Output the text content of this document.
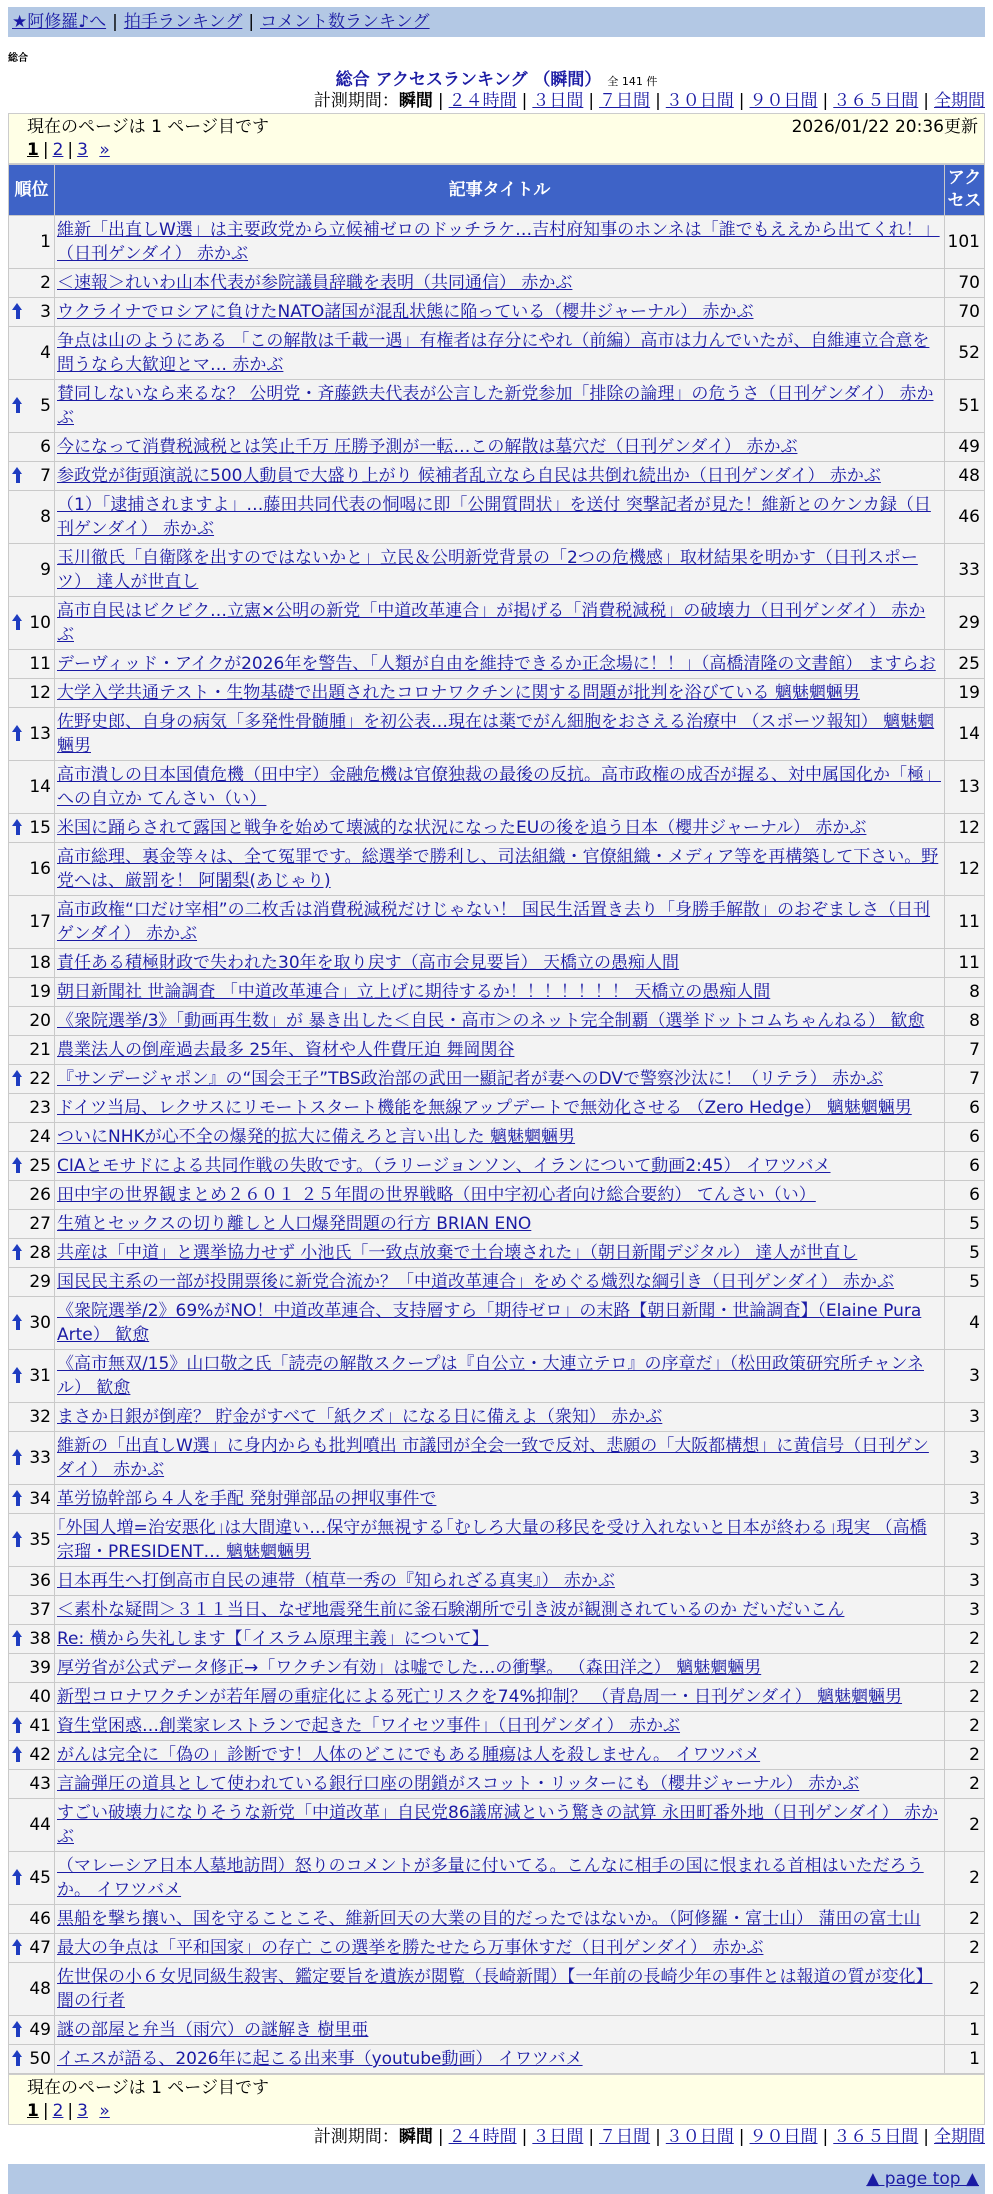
★阿修羅♪へ | 拍手ランキング | コメント数ランキング
総合
総合 アクセスランキング （瞬間） 全 141 件
計測期間：瞬間 | ２４時間 | ３日間 | ７日間 | ３０日間 | ９０日間 | ３６５日間 | 全期間
現在のページは 1 ページ目です	2026/01/22 20:36更新
1 | 2 | 3 »
順位	記事タイトル	アクセス
1	維新「出直しW選」は主要政党から立候補ゼロのドッチラケ…吉村府知事のホンネは「誰でもええから出てくれ！」（日刊ゲンダイ） 赤かぶ	101
2	＜速報＞れいわ山本代表が参院議員辞職を表明（共同通信） 赤かぶ	70

3	ウクライナでロシアに負けたNATO諸国が混乱状態に陥っている（櫻井ジャーナル） 赤かぶ	70
4	争点は山のようにある 「この解散は千載一遇」有権者は存分にやれ（前編）高市は力んでいたが、自維連立合意を問うなら大歓迎とマ… 赤かぶ	52

5	賛同しないなら来るな？ 公明党・斉藤鉄夫代表が公言した新党参加「排除の論理」の危うさ（日刊ゲンダイ） 赤かぶ	51
6	今になって消費税減税とは笑止千万 圧勝予測が一転…この解散は墓穴だ（日刊ゲンダイ） 赤かぶ	49

7	参政党が街頭演説に500人動員で大盛り上がり 候補者乱立なら自民は共倒れ続出か（日刊ゲンダイ） 赤かぶ	48
8	（1）「逮捕されますよ」…藤田共同代表の恫喝に即「公開質問状」を送付 突撃記者が見た！維新とのケンカ録（日刊ゲンダイ） 赤かぶ	46
9	玉川徹氏「自衛隊を出すのではないかと」立民＆公明新党背景の「2つの危機感」取材結果を明かす（日刊スポーツ） 達人が世直し	33

10	高市自民はビクビク…立憲×公明の新党「中道改革連合」が掲げる「消費税減税」の破壊力（日刊ゲンダイ） 赤かぶ	29
11	デーヴィッド・アイクが2026年を警告、「人類が自由を維持できるか正念場に！！」（高橋清隆の文書館） ますらお	25
12	大学入学共通テスト・生物基礎で出題されたコロナワクチンに関する問題が批判を浴びている 魑魅魍魎男	19

13	佐野史郎、自身の病気「多発性骨髄腫」を初公表…現在は薬でがん細胞をおさえる治療中 （スポーツ報知） 魑魅魍魎男	14
14	高市潰しの日本国債危機（田中宇）金融危機は官僚独裁の最後の反抗。高市政権の成否が握る、対中属国化か「極」への自立か てんさい（い）	13

15	米国に踊らされて露国と戦争を始めて壊滅的な状況になったEUの後を追う日本（櫻井ジャーナル） 赤かぶ	12
16	高市総理、裏金等々は、全て冤罪です。総選挙で勝利し、司法組織・官僚組織・メディア等を再構築して下さい。野党へは、厳罰を！ 阿闍梨(あじゃり)	12
17	高市政権“口だけ宰相”の二枚舌は消費税減税だけじゃない！ 国民生活置き去り「身勝手解散」のおぞましさ（日刊ゲンダイ） 赤かぶ	11
18	責任ある積極財政で失われた30年を取り戻す（高市会見要旨） 天橋立の愚痴人間	11
19	朝日新聞社 世論調査 「中道改革連合」立上げに期待するか！！！！！！！ 天橋立の愚痴人間	8
20	《衆院選挙/3》「動画再生数」が 暴き出した＜自民・高市＞のネット完全制覇（選挙ドットコムちゃんねる） 歓愈	8
21	農業法人の倒産過去最多 25年、資材や人件費圧迫 舞岡関谷	7

22	『サンデージャポン』の“国会王子”TBS政治部の武田一顯記者が妻へのDVで警察沙汰に！（リテラ） 赤かぶ	7
23	ドイツ当局、レクサスにリモートスタート機能を無線アップデートで無効化させる （Zero Hedge） 魑魅魍魎男	6
24	ついにNHKが心不全の爆発的拡大に備えろと言い出した 魑魅魍魎男	6

25	CIAとモサドによる共同作戦の失敗です。（ラリージョンソン、イランについて動画2:45） イワツバメ	6
26	田中宇の世界観まとめ２６０１ ２５年間の世界戦略（田中宇初心者向け総合要約） てんさい（い）	6
27	生殖とセックスの切り離しと人口爆発問題の行方 BRIAN ENO	5

28	共産は「中道」と選挙協力せず 小池氏「一致点放棄で土台壊された」（朝日新聞デジタル） 達人が世直し	5
29	国民民主系の一部が投開票後に新党合流か？「中道改革連合」をめぐる熾烈な綱引き（日刊ゲンダイ） 赤かぶ	5

30	《衆院選挙/2》69%がNO！中道改革連合、支持層すら「期待ゼロ」の末路【朝日新聞・世論調査】（Elaine Pura Arte） 歓愈	4

31	《高市無双/15》山口敬之氏「読売の解散スクープは『自公立・大連立テロ』の序章だ」（松田政策研究所チャンネル） 歓愈	3
32	まさか日銀が倒産？ 貯金がすべて「紙クズ」になる日に備えよ（衆知） 赤かぶ	3

33	維新の「出直しW選」に身内からも批判噴出 市議団が全会一致で反対、悲願の「大阪都構想」に黄信号（日刊ゲンダイ） 赤かぶ	3

34	革労協幹部ら４人を手配 発射弾部品の押収事件で	3

35	｢外国人増=治安悪化｣は大間違い…保守が無視する｢むしろ大量の移民を受け入れないと日本が終わる｣現実 （高橋宗瑠・PRESIDENT… 魑魅魍魎男	3
36	日本再生へ打倒高市自民の連帯（植草一秀の『知られざる真実』） 赤かぶ	3
37	＜素朴な疑問＞３１１当日、なぜ地震発生前に釜石験潮所で引き波が観測されているのか だいだいこん	3

38	Re: 横から失礼します【「イスラム原理主義」について】	2
39	厚労省が公式データ修正→「ワクチン有効」は嘘でした…の衝撃。 （森田洋之） 魑魅魍魎男	2
40	新型コロナワクチンが若年層の重症化による死亡リスクを74%抑制？ （青島周一・日刊ゲンダイ） 魑魅魍魎男	2

41	資生堂困惑…創業家レストランで起きた「ワイセツ事件」（日刊ゲンダイ） 赤かぶ	2

42	がんは完全に「偽の」診断です！人体のどこにでもある腫瘍は人を殺しません。 イワツバメ	2
43	言論弾圧の道具として使われている銀行口座の閉鎖がスコット・リッターにも（櫻井ジャーナル） 赤かぶ	2
44	すごい破壊力になりそうな新党「中道改革」自民党86議席減という驚きの試算 永田町番外地（日刊ゲンダイ） 赤かぶ	2

45	（マレーシア日本人墓地訪問）怒りのコメントが多量に付いてる。こんなに相手の国に恨まれる首相はいただろうか。 イワツバメ	2
46	黒船を撃ち攘い、国を守ることこそ、維新回天の大業の目的だったではないか。（阿修羅・富士山） 蒲田の富士山	2

47	最大の争点は「平和国家」の存亡 この選挙を勝たせたら万事休すだ（日刊ゲンダイ） 赤かぶ	2
48	佐世保の小６女児同級生殺害、鑑定要旨を遺族が閲覧（長崎新聞）【一年前の長崎少年の事件とは報道の質が変化】 闇の行者	2

49	謎の部屋と弁当（雨穴）の謎解き 樹里亜	1

50	イエスが語る、2026年に起こる出来事（youtube動画） イワツバメ	1
現在のページは 1 ページ目です
1 | 2 | 3 »
計測期間：瞬間 | ２４時間 | ３日間 | ７日間 | ３０日間 | ９０日間 | ３６５日間 | 全期間
▲ page top ▲
